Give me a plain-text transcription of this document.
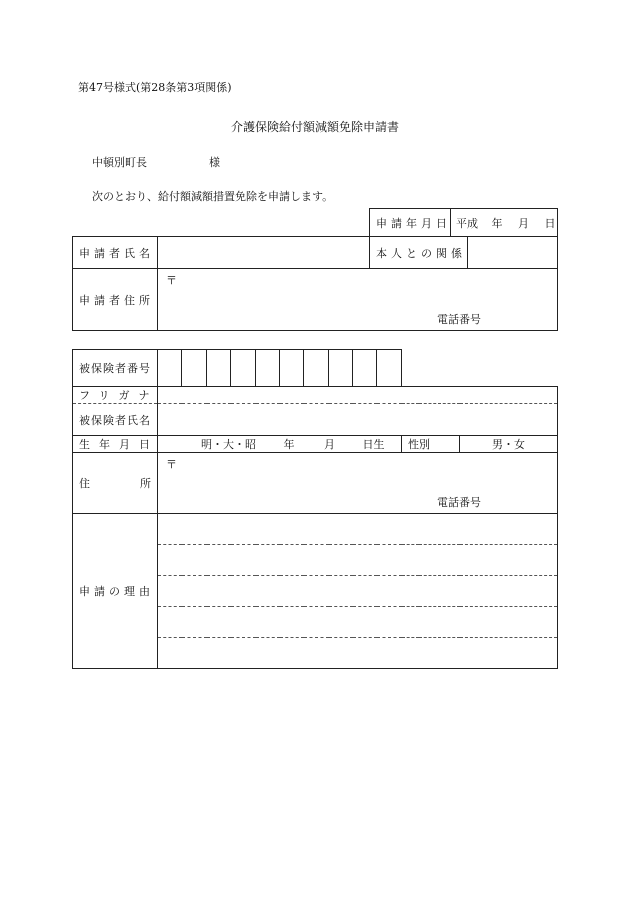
第47号様式(第28条第3項関係)
介護保険給付額減額免除申請書
中頓別町長	様
次のとおり、給付額減額措置免除を申請します。
		申請年月日	平成 年 月 日	
申請者氏名		本人との関係		
申請者住所	〒
電話番号			
被保険者番号												
フリガナ												
被保険者氏名												
生年月日	明・大・昭 年 月 日生										性別	男・女
住所	〒
電話番号											

申請の理由												
